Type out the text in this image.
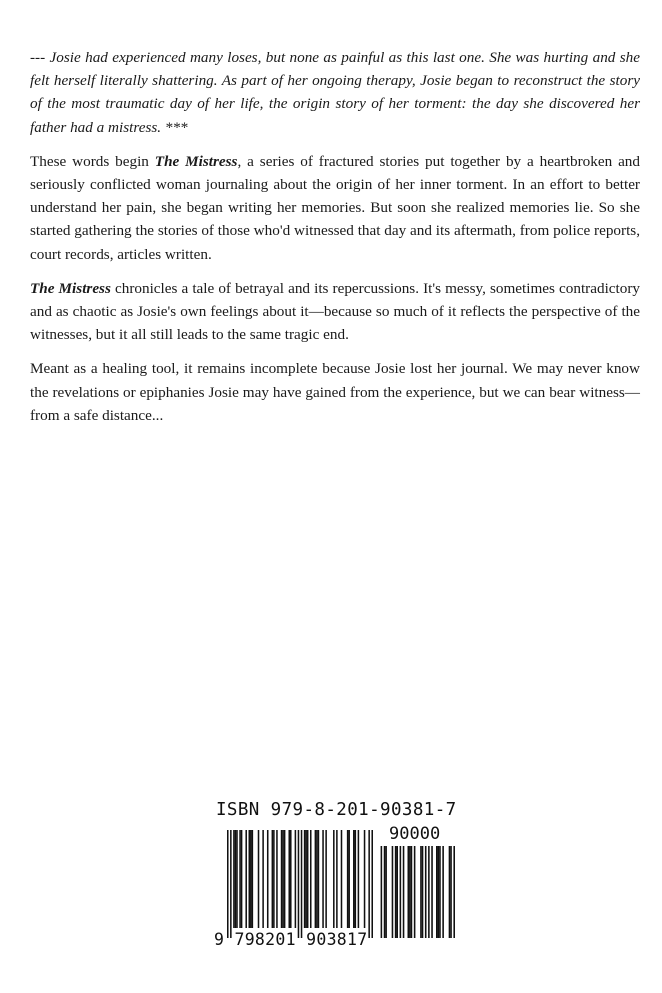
--- Josie had experienced many loses, but none as painful as this last one. She was hurting and she felt herself literally shattering. As part of her ongoing therapy, Josie began to reconstruct the story of the most traumatic day of her life, the origin story of her torment: the day she discovered her father had a mistress. ***

These words begin The Mistress, a series of fractured stories put together by a heartbroken and seriously conflicted woman journaling about the origin of her inner torment. In an effort to better understand her pain, she began writing her memories. But soon she realized memories lie. So she started gathering the stories of those who'd witnessed that day and its aftermath, from police reports, court records, articles written.

The Mistress chronicles a tale of betrayal and its repercussions. It's messy, sometimes contradictory and as chaotic as Josie's own feelings about it—because so much of it reflects the perspective of the witnesses, but it all still leads to the same tragic end.

Meant as a healing tool, it remains incomplete because Josie lost her journal. We may never know the revelations or epiphanies Josie may have gained from the experience, but we can bear witness—from a safe distance...

ISBN 979-8-201-90381-7
90000
9 798201 903817
